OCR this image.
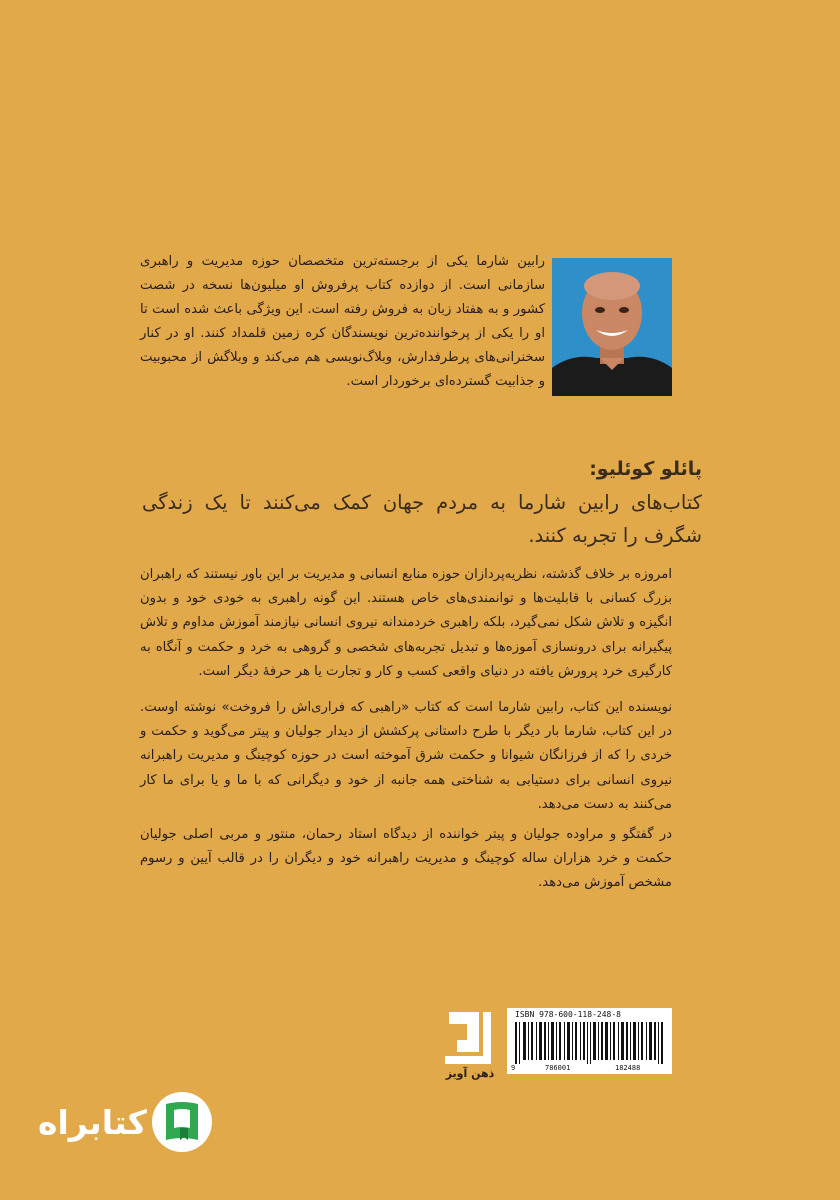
رابین شارما یکی از برجسته‌ترین متخصصان حوزه مدیریت و راهبری سازمانی است. از دوازده کتاب پرفروش او میلیون‌ها نسخه در شصت کشور و به هفتاد زبان به فروش رفته است. این ویژگی باعث شده است تا او را یکی از پرخواننده‌ترین نویسندگان کره زمین قلمداد کنند. او در کنار سخنرانی‌های پرطرفدارش، وبلاگ‌نویسی هم می‌کند و وبلاگش از محبوبیت و جذابیت گسترده‌ای برخوردار است.
پائلو کوئلیو:
کتاب‌های رابین شارما به مردم جهان کمک می‌کنند تا یک زندگی شگرف را تجربه کنند.

امروزه بر خلاف گذشته، نظریه‌پردازان حوزه منابع انسانی و مدیریت بر این باور نیستند که راهبران بزرگ کسانی با قابلیت‌ها و توانمندی‌های خاص هستند. این گونه راهبری به خودی خود و بدون انگیزه و تلاش شکل نمی‌گیرد، بلکه راهبری خردمندانه نیروی انسانی نیازمند آموزش مداوم و تلاش پیگیرانه برای درونسازی آموزه‌ها و تبدیل تجربه‌های شخصی و گروهی به خرد و حکمت و آنگاه به کارگیری خرد پرورش یافته در دنیای واقعی کسب و کار و تجارت یا هر حرفهٔ دیگر است.

نویسنده این کتاب، رابین شارما است که کتاب «راهبی که فراری‌اش را فروخت» نوشته اوست. در این کتاب، شارما بار دیگر با طرح داستانی پرکشش از دیدار جولیان و پیتر می‌گوید و حکمت و خردی را که از فرزانگان شیوانا و حکمت شرق آموخته است در حوزه کوچینگ و مدیریت راهبرانه نیروی انسانی برای دستیابی به شناختی همه جانبه از خود و دیگرانی که با ما و یا برای ما کار می‌کنند به دست می‌دهد.

در گفتگو و مراوده جولیان و پیتر خواننده از دیدگاه استاد رحمان، منتور و مربی اصلی جولیان حکمت و خرد هزاران ساله کوچینگ و مدیریت راهبرانه خود و دیگران را در قالب آیین و رسوم مشخص آموزش می‌دهد.

ذهن آویز
ISBN 978-600-118-248-8
9	786001	182488
کتابراه
